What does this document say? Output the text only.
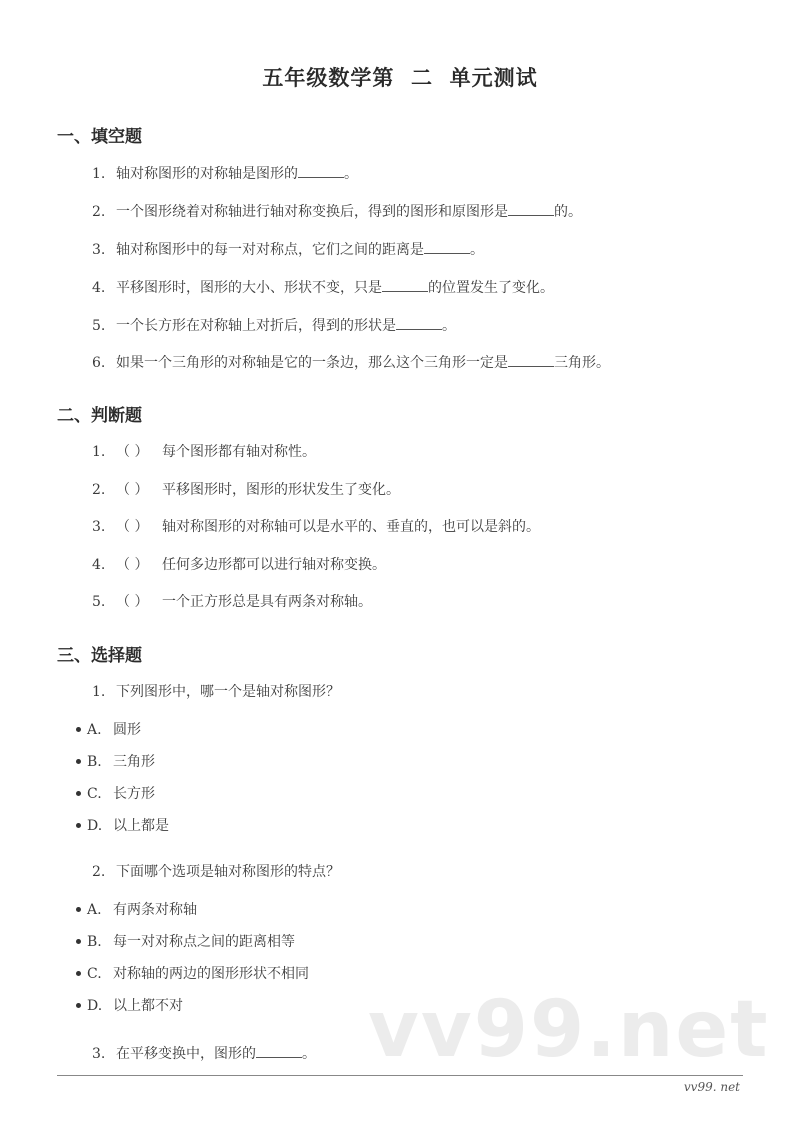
vv99.net
五年级数学第  二  单元测试
一、填空题
1. 轴对称图形的对称轴是图形的	。
2. 一个图形绕着对称轴进行轴对称变换后，得到的图形和原图形是	的。
3. 轴对称图形中的每一对对称点，它们之间的距离是	。
4. 平移图形时，图形的大小、形状不变，只是	的位置发生了变化。
5. 一个长方形在对称轴上对折后，得到的形状是	。
6. 如果一个三角形的对称轴是它的一条边，那么这个三角形一定是	三角形。
二、判断题
1. （ ） 每个图形都有轴对称性。
2. （ ） 平移图形时，图形的形状发生了变化。
3. （ ） 轴对称图形的对称轴可以是水平的、垂直的，也可以是斜的。
4. （ ） 任何多边形都可以进行轴对称变换。
5. （ ） 一个正方形总是具有两条对称轴。
三、选择题
1. 下列图形中，哪一个是轴对称图形？
A. 圆形
B. 三角形
C. 长方形
D. 以上都是
2. 下面哪个选项是轴对称图形的特点？
A. 有两条对称轴
B. 每一对对称点之间的距离相等
C. 对称轴的两边的图形形状不相同
D. 以上都不对
3. 在平移变换中，图形的	。
vv99. net
